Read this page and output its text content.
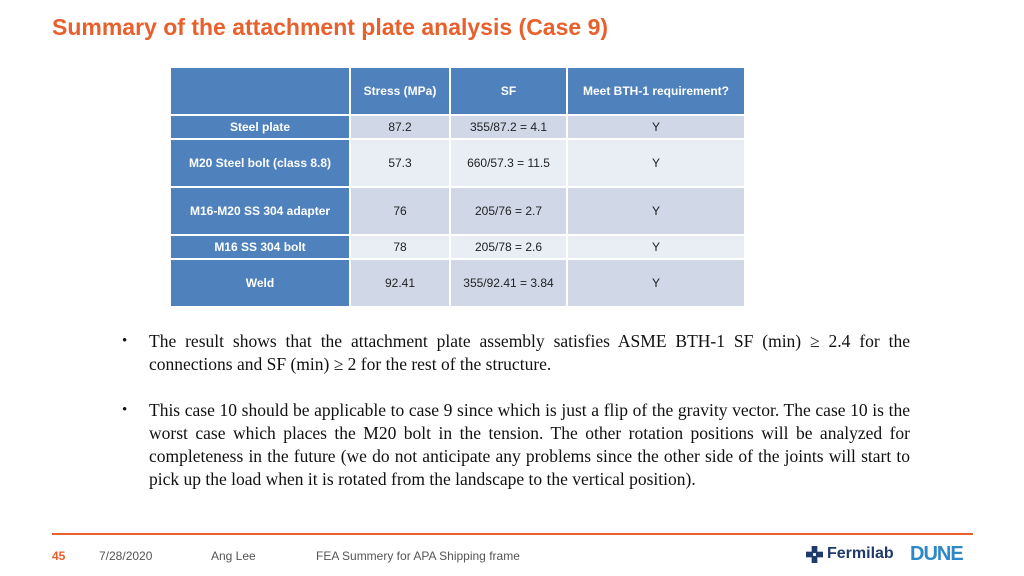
Summary of the attachment plate analysis (Case 9)
	Stress (MPa)	SF	Meet BTH-1 requirement?
Steel plate	87.2	355/87.2 = 4.1	Y
M20 Steel bolt (class 8.8)	57.3	660/57.3 = 11.5	Y
M16-M20 SS 304 adapter	76	205/76 = 2.7	Y
M16 SS 304 bolt	78	205/78 = 2.6	Y
Weld	92.41	355/92.41 = 3.84	Y
•	The result shows that the attachment plate assembly satisfies ASME BTH-1 SF (min) ≥ 2.4 for the connections and SF (min) ≥ 2 for the rest of the structure.
•	This case 10 should be applicable to case 9 since which is just a flip of the gravity vector. The case 10 is the worst case which places the M20 bolt in the tension. The other rotation positions will be analyzed for completeness in the future (we do not anticipate any problems since the other side of the joints will start to pick up the load when it is rotated from the landscape to the vertical position).
45	7/28/2020	Ang Lee	FEA Summery for APA Shipping frame	Fermilab DUNE
